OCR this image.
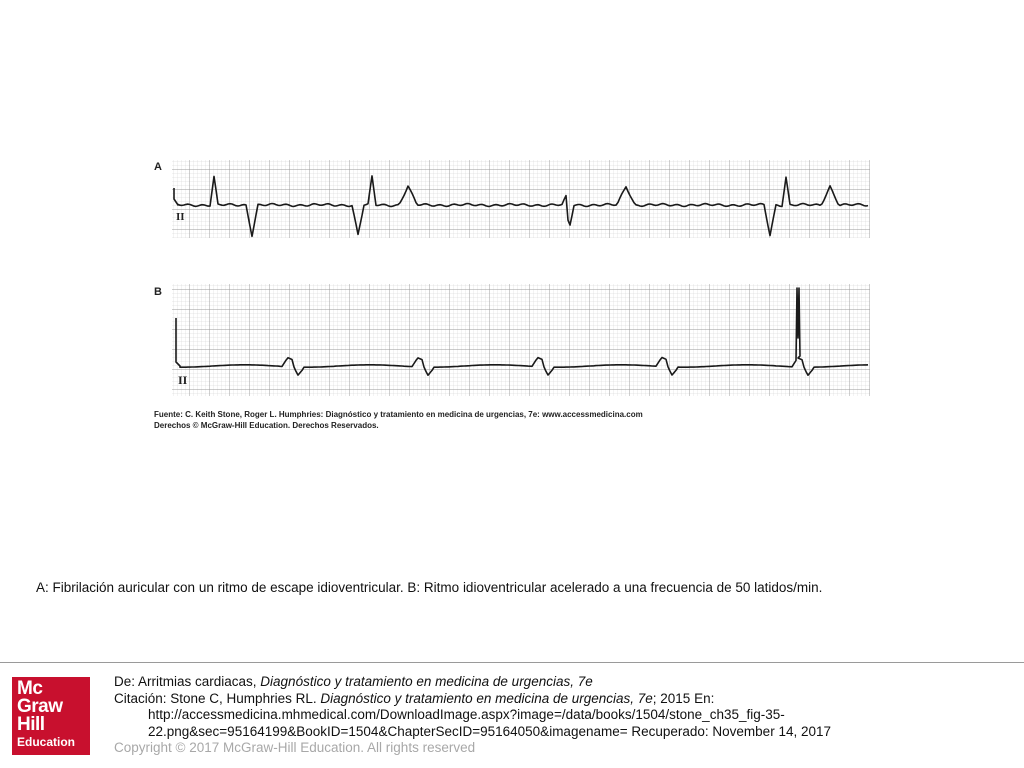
A
II
B
II
Fuente: C. Keith Stone, Roger L. Humphries: Diagnóstico y tratamiento en medicina de urgencias, 7e: www.accessmedicina.com
Derechos © McGraw-Hill Education. Derechos Reservados.
A: Fibrilación auricular con un ritmo de escape idioventricular. B: Ritmo idioventricular acelerado a una frecuencia de 50 latidos/min.
Mc
Graw
Hill
Education

De: Arritmias cardiacas, Diagnóstico y tratamiento en medicina de urgencias, 7e

Citación: Stone C, Humphries RL. Diagnóstico y tratamiento en medicina de urgencias, 7e; 2015 En:

http://accessmedicina.mhmedical.com/DownloadImage.aspx?image=/data/books/1504/stone_ch35_fig-35-

22.png&sec=95164199&BookID=1504&ChapterSecID=95164050&imagename= Recuperado: November 14, 2017

Copyright © 2017 McGraw-Hill Education. All rights reserved
